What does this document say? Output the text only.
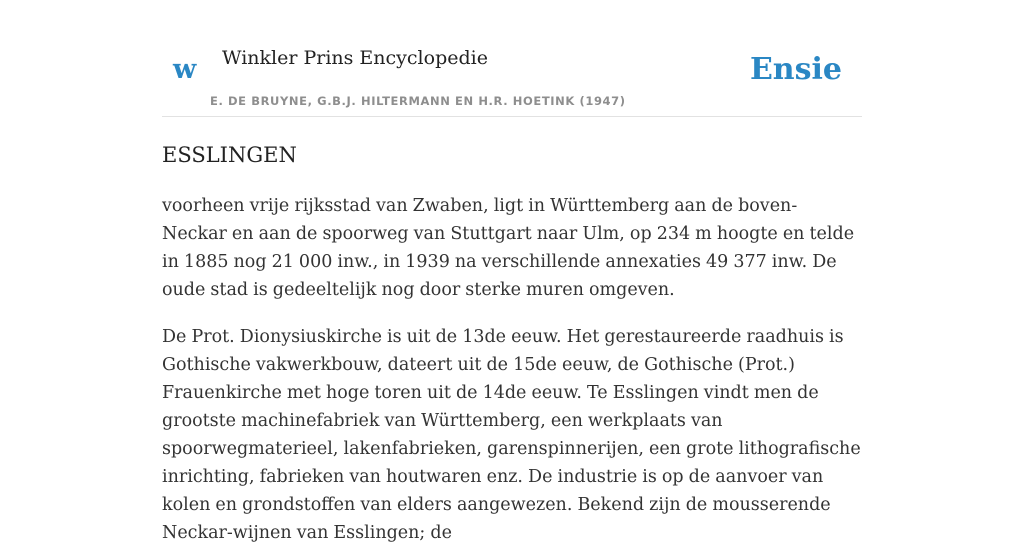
w Winkler Prins Encyclopedie
E. DE BRUYNE, G.B.J. HILTERMANN EN H.R. HOETINK (1947)
Ensie
ESSLINGEN

voorheen vrije rijksstad van Zwaben, ligt in Württemberg aan de boven-Neckar en aan de spoorweg van Stuttgart naar Ulm, op 234 m hoogte en telde in 1885 nog 21 000 inw., in 1939 na verschillende annexaties 49 377 inw. De oude stad is gedeeltelijk nog door sterke muren omgeven.

De Prot. Dionysiuskirche is uit de 13de eeuw. Het gerestaureerde raadhuis is Gothische vakwerkbouw, dateert uit de 15de eeuw, de Gothische (Prot.) Frauenkirche met hoge toren uit de 14de eeuw. Te Esslingen vindt men de grootste machinefabriek van Württemberg, een werkplaats van spoorwegmaterieel, lakenfabrieken, garenspinnerijen, een grote lithografische inrichting, fabrieken van houtwaren enz. De industrie is op de aanvoer van kolen en grondstoffen van elders aangewezen. Bekend zijn de mousserende Neckar-wijnen van Esslingen; de
